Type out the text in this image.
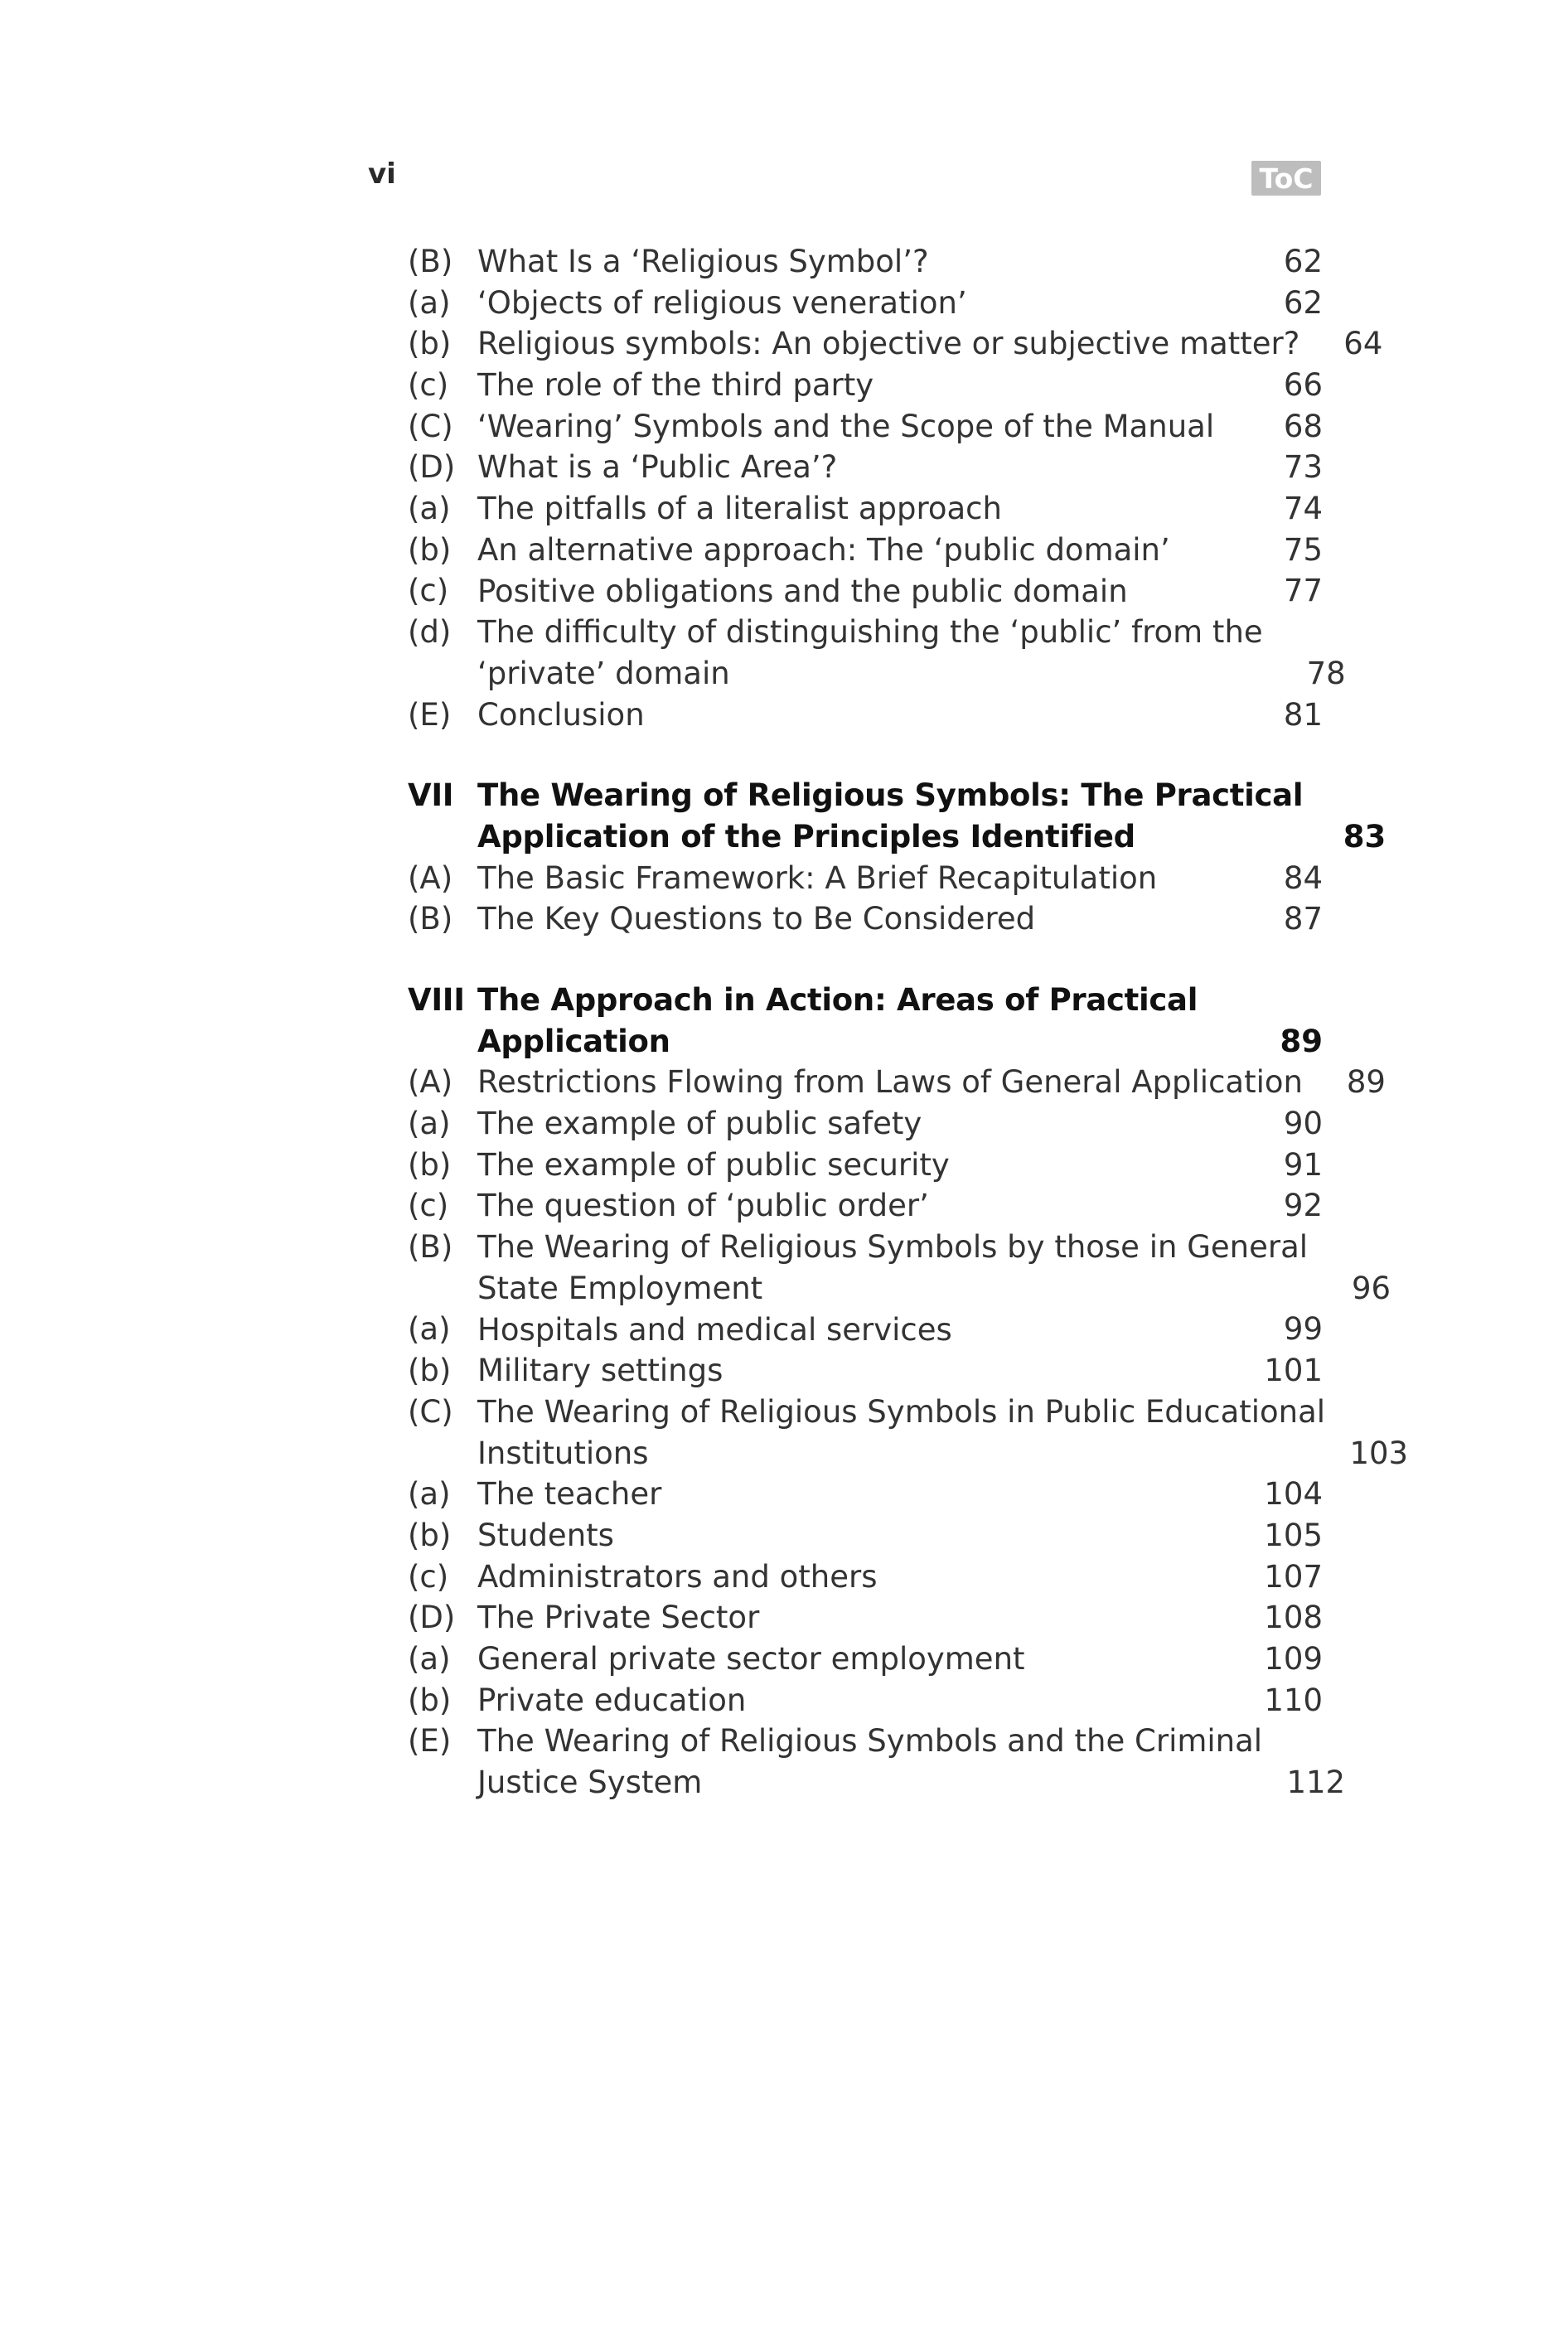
vi	ToC
(B) What Is a ‘Religious Symbol’?	62
(a) ‘Objects of religious veneration’	62
(b) Religious symbols: An objective or subjective matter?	64
(c) The role of the third party	66
(C) ‘Wearing’ Symbols and the Scope of the Manual	68
(D) What is a ‘Public Area’?	73
(a) The pitfalls of a literalist approach	74
(b) An alternative approach: The ‘public domain’	75
(c) Positive obligations and the public domain	77
(d) The difficulty of distinguishing the ‘public’ from the
‘private’ domain	78
(E) Conclusion	81
VII The Wearing of Religious Symbols: The Practical
Application of the Principles Identified	83
(A) The Basic Framework: A Brief Recapitulation	84
(B) The Key Questions to Be Considered	87
VIII The Approach in Action: Areas of Practical
Application	89
(A) Restrictions Flowing from Laws of General Application	89
(a) The example of public safety	90
(b) The example of public security	91
(c) The question of ‘public order’	92
(B) The Wearing of Religious Symbols by those in General
State Employment	96
(a) Hospitals and medical services	99
(b) Military settings	101
(C) The Wearing of Religious Symbols in Public Educational
Institutions	103
(a) The teacher	104
(b) Students	105
(c) Administrators and others	107
(D) The Private Sector	108
(a) General private sector employment	109
(b) Private education	110
(E) The Wearing of Religious Symbols and the Criminal
Justice System	112
